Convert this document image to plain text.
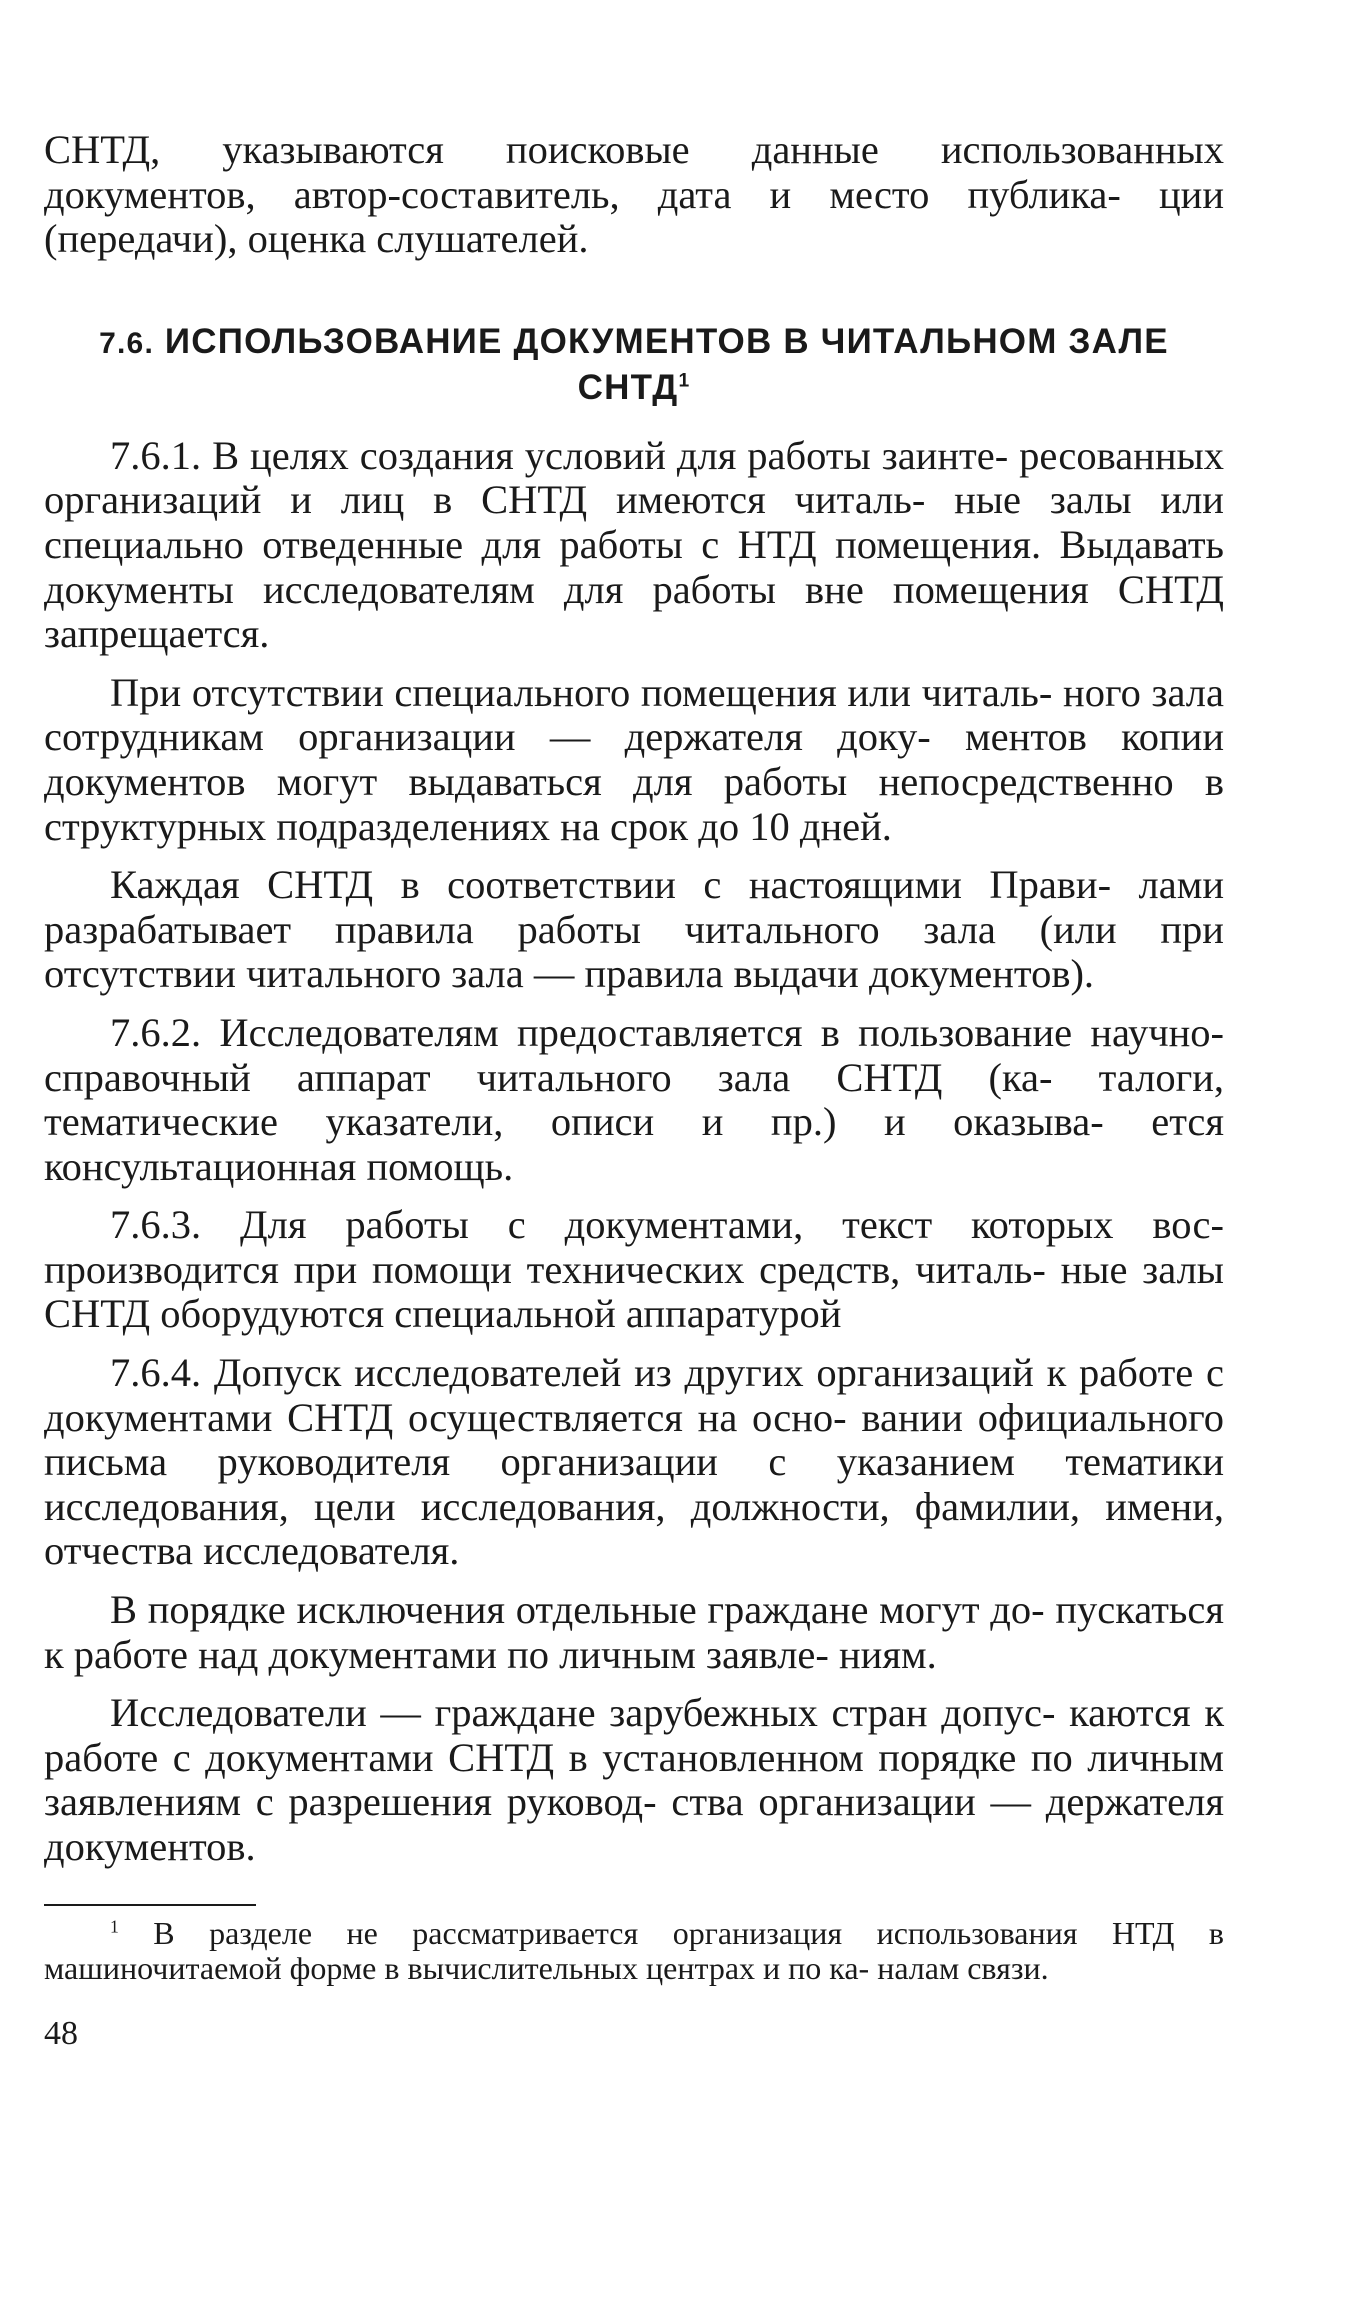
СНТД, указываются поисковые данные использованных документов, автор-составитель, дата и место публика- ции (передачи), оценка слушателей.

7.6. ИСПОЛЬЗОВАНИЕ ДОКУМЕНТОВ В ЧИТАЛЬНОМ ЗАЛЕ СНТД$^1$

7.6.1. В целях создания условий для работы заинте- ресованных организаций и лиц в СНТД имеются читаль- ные залы или специально отведенные для работы с НТД помещения. Выдавать документы исследователям для работы вне помещения СНТД запрещается.

При отсутствии специального помещения или читаль- ного зала сотрудникам организации — держателя доку- ментов копии документов могут выдаваться для работы непосредственно в структурных подразделениях на срок до 10 дней.

Каждая СНТД в соответствии с настоящими Прави- лами разрабатывает правила работы читального зала (или при отсутствии читального зала — правила выдачи документов).

7.6.2. Исследователям предоставляется в пользование научно-справочный аппарат читального зала СНТД (ка- талоги, тематические указатели, описи и пр.) и оказыва- ется консультационная помощь.

7.6.3. Для работы с документами, текст которых вос- производится при помощи технических средств, читаль- ные залы СНТД оборудуются специальной аппаратурой

7.6.4. Допуск исследователей из других организаций к работе с документами СНТД осуществляется на осно- вании официального письма руководителя организации с указанием тематики исследования, цели исследования, должности, фамилии, имени, отчества исследователя.

В порядке исключения отдельные граждане могут до- пускаться к работе над документами по личным заявле- ниям.

Исследователи — граждане зарубежных стран допус- каются к работе с документами СНТД в установленном порядке по личным заявлениям с разрешения руковод- ства организации — держателя документов.

$^1$ В разделе не рассматривается организация использования НТД в машиночитаемой форме в вычислительных центрах и по ка- налам связи.

48
